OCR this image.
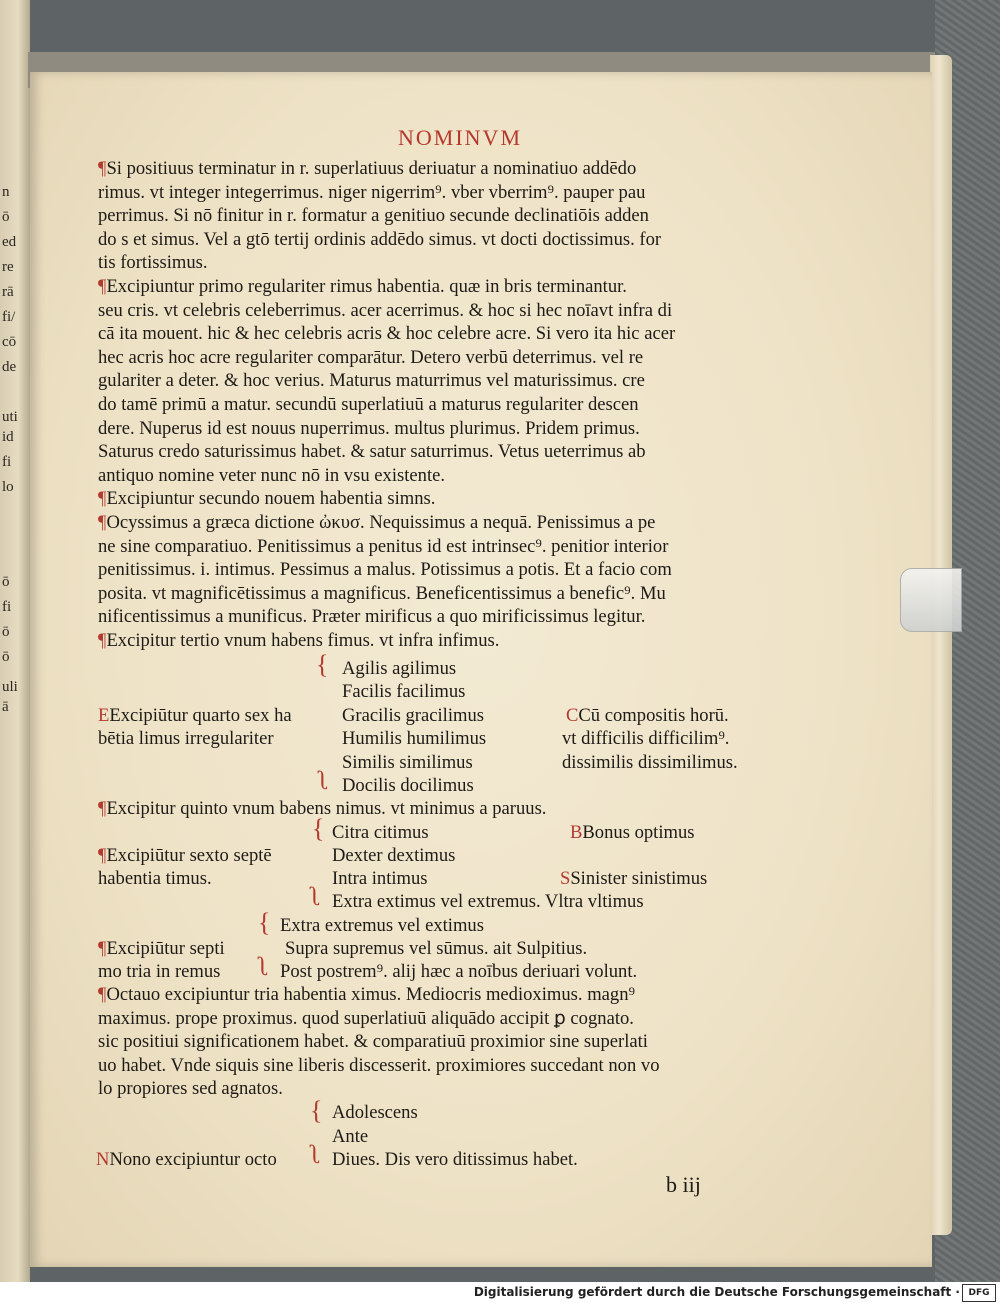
n
ō
ed
re
rā
fi/
cō
de
uti
id
fi
lo
ō
fi
ō
ō
uli
ā
NOMINVM
¶Si positiuus terminatur in r. superlatiuus deriuatur a nominatiuo addēdo
rimus. vt integer integerrimus. niger nigerrim⁹. vber vberrim⁹. pauper pau
perrimus. Si nō finitur in r. formatur a genitiuo secunde declinatiōis adden
do s et simus. Vel a gtō tertij ordinis addēdo simus. vt docti doctissimus. for
tis fortissimus.
¶Excipiuntur primo regulariter rimus habentia. quæ in bris terminantur.
seu cris. vt celebris celeberrimus. acer acerrimus. & hoc si hec noīavt infra di
cā ita mouent. hic & hec celebris acris & hoc celebre acre. Si vero ita hic acer
hec acris hoc acre regulariter comparātur. Detero verbū deterrimus. vel re
gulariter a deter. & hoc verius. Maturus maturrimus vel maturissimus. cre
do tamē primū a matur. secundū superlatiuū a maturus regulariter descen
dere. Nuperus id est nouus nuperrimus. multus plurimus. Pridem primus.
Saturus credo saturissimus habet. & satur saturrimus. Vetus ueterrimus ab
antiquo nomine veter nunc nō in vsu existente.
¶Excipiuntur secundo nouem habentia simns.
¶Ocyssimus a græca dictione ὠκυσ. Nequissimus a nequā. Penissimus a pe
ne sine comparatiuo. Penitissimus a penitus id est intrinsec⁹. penitior interior
penitissimus. i. intimus. Pessimus a malus. Potissimus a potis. Et a facio com
posita. vt magnificētissimus a magnificus. Beneficentissimus a benefic⁹. Mu
nificentissimus a munificus. Præter mirificus a quo mirificissimus legitur.
¶Excipitur tertio vnum habens fimus. vt infra infimus.
{
EExcipiūtur quarto sex ha
bētia limus irregulariter
Agilis agilimus
Facilis facilimus
Gracilis gracilimus
Humilis humilimus
Similis similimus
ʅ Docilis docilimus
CCū compositis horū.
vt difficilis difficilim⁹.
dissimilis dissimilimus.
¶Excipitur quinto vnum babens nimus. vt minimus a paruus.
{ Citra citimus
Dexter dextimus
Intra intimus
ʅ Extra extimus vel extremus. Vltra vltimus
¶Excipiūtur sexto septē
habentia timus.
BBonus optimus
SSinister sinistimus
{ Extra extremus vel extimus
¶Excipiūtur septi
mo tria in remus
Supra supremus vel sūmus. ait Sulpitius.
ʅ Post postrem⁹. alij hæc a noībus deriuari volunt.
¶Octauo excipiuntur tria habentia ximus. Mediocris medioximus. magn⁹
maximus. prope proximus. quod superlatiuū aliquādo accipit ꝑ cognato.
sic positiui significationem habet. & comparatiuū proximior sine superlati
uo habet. Vnde siquis sine liberis discesserit. proximiores succedant non vo
lo propiores sed agnatos.
{ Adolescens
Ante
ʅ Diues. Dis vero ditissimus habet.
NNono excipiuntur octo
b iij
Digitalisierung gefördert durch die Deutsche Forschungsgemeinschaft · DFG
